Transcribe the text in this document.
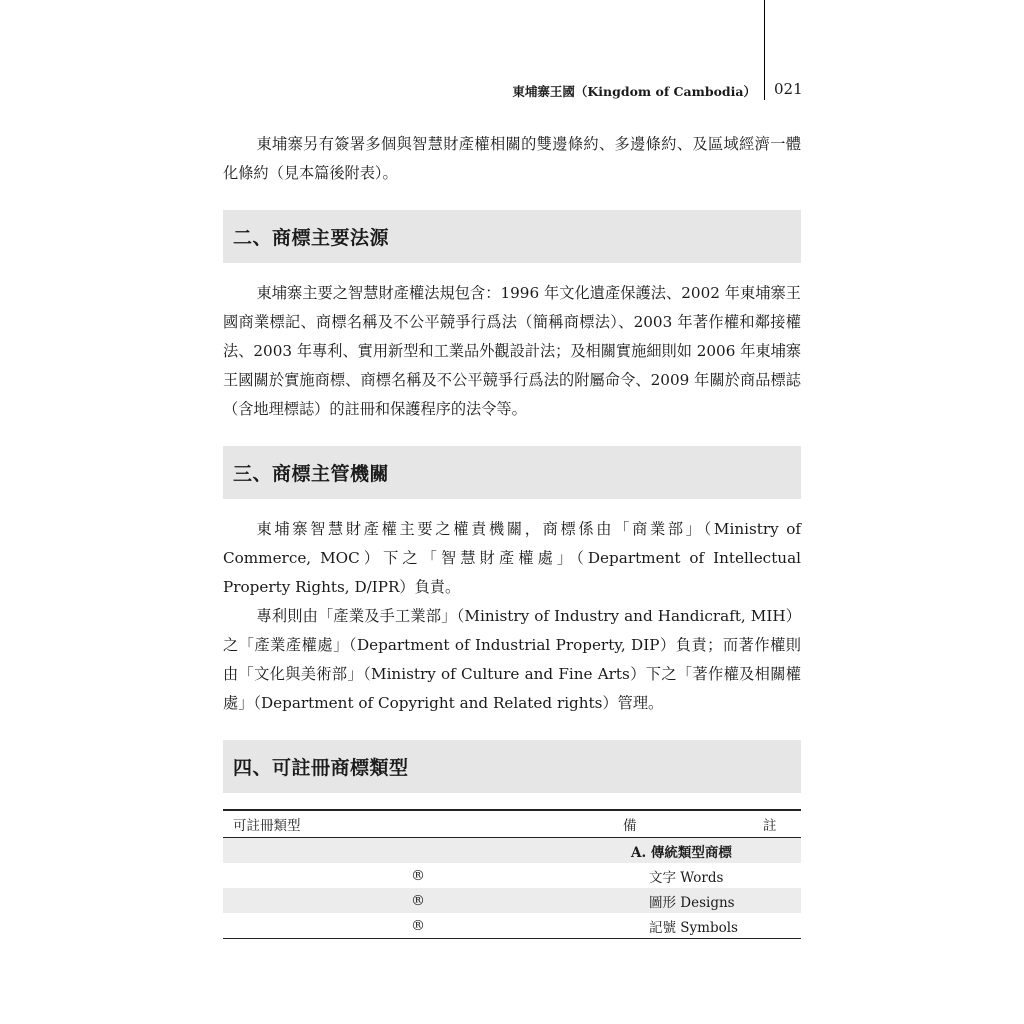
東埔寨王國（Kingdom of Cambodia） 021

東埔寨另有簽署多個與智慧財產權相關的雙邊條約、多邊條約、及區域經濟一體化條約（見本篇後附表）。

二、商標主要法源

東埔寨主要之智慧財產權法規包含：1996 年文化遺產保護法、2002 年東埔寨王國商業標記、商標名稱及不公平競爭行爲法（簡稱商標法）、2003 年著作權和鄰接權法、2003 年專利、實用新型和工業品外觀設計法；及相關實施細則如 2006 年東埔寨王國關於實施商標、商標名稱及不公平競爭行爲法的附屬命令、2009 年關於商品標誌（含地理標誌）的註冊和保護程序的法令等。

三、商標主管機關

東埔寨智慧財產權主要之權責機關，商標係由「商業部」（Ministry of Commerce, MOC）下之「智慧財產權處」（Department of Intellectual Property Rights, D/IPR）負責。

專利則由「產業及手工業部」（Ministry of Industry and Handicraft, MIH）之「產業產權處」（Department of Industrial Property, DIP）負責；而著作權則由「文化與美術部」（Ministry of Culture and Fine Arts）下之「著作權及相關權處」（Department of Copyright and Related rights）管理。

四、可註冊商標類型
可註冊類型	備	註
	A. 傳統類型商標	
®	文字 Words	
®	圖形 Designs	
®	記號 Symbols	
